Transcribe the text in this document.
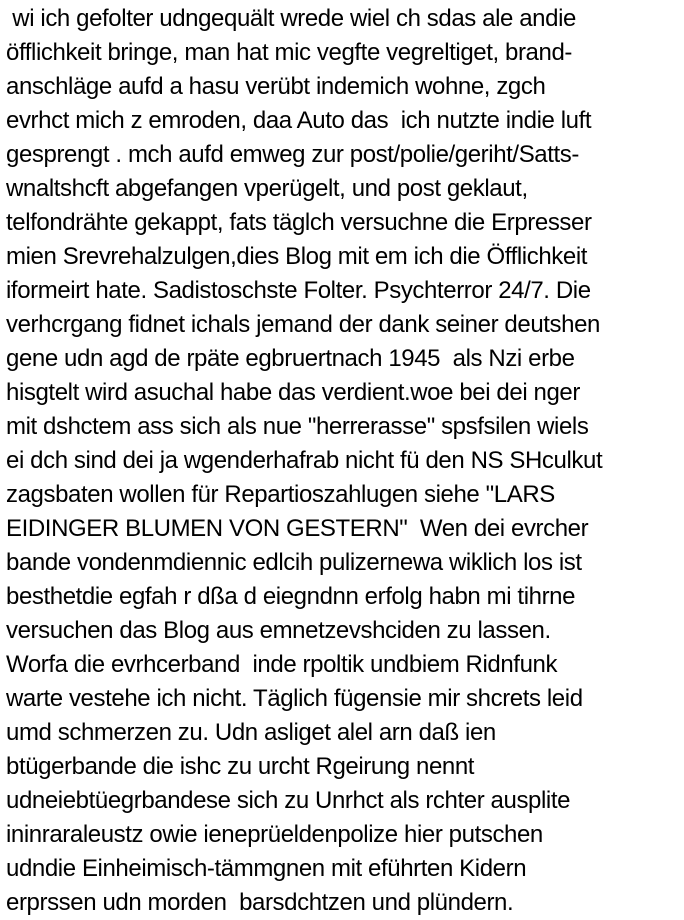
wi ich gefolter udngequält wrede wiel ch sdas ale andie
öfflichkeit bringe, man hat mic vegfte vegreltiget, brand-
anschläge aufd a hasu verübt indemich wohne, zgch
evrhct mich z emroden, daa Auto das  ich nutzte indie luft
gesprengt . mch aufd emweg zur post/polie/geriht/Satts-
wnaltshcft abgefangen vperügelt, und post geklaut,
telfondrähte gekappt, fats täglch versuchne die Erpresser
mien Srevrehalzulgen,dies Blog mit em ich die Öfflichkeit
iformeirt hate. Sadistoschste Folter. Psychterror 24/7. Die
verhcrgang fidnet ichals jemand der dank seiner deutshen
gene udn agd de rpäte egbruertnach 1945  als Nzi erbe
hisgtelt wird asuchal habe das verdient.woe bei dei nger
mit dshctem ass sich als nue "herrerasse" spsfsilen wiels
ei dch sind dei ja wgenderhafrab nicht fü den NS SHculkut
zagsbaten wollen für Repartioszahlugen siehe "LARS
EIDINGER BLUMEN VON GESTERN"  Wen dei evrcher
bande vondenmdiennic edlcih pulizernewa wiklich los ist
besthetdie egfah r dßa d eiegndnn erfolg habn mi tihrne
versuchen das Blog aus emnetzevshciden zu lassen.
Worfa die evrhcerband  inde rpoltik undbiem Ridnfunk
warte vestehe ich nicht. Täglich fügensie mir shcrets leid
umd schmerzen zu. Udn asliget alel arn daß ien
btügerbande die ishc zu urcht Rgeirung nennt
udneiebtüegrbandese sich zu Unrhct als rchter ausplite
ininraraleustz owie ieneprüeldenpolize hier putschen
udndie Einheimisch-tämmgnen mit eführten Kidern
erprssen udn morden  barsdchtzen und plündern.
